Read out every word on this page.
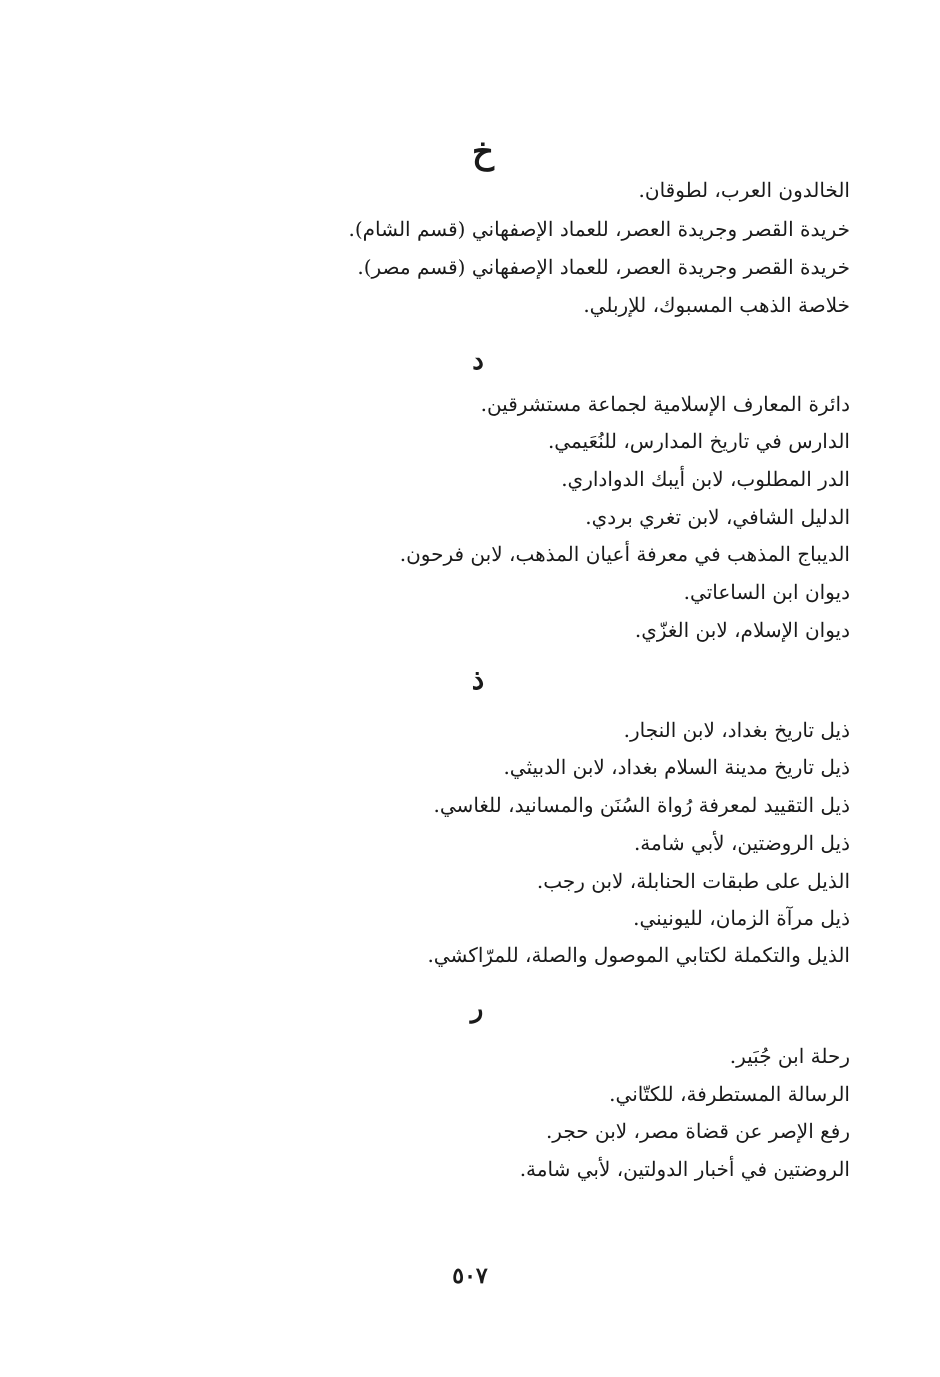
خ
الخالدون العرب، لطوقان.
خريدة القصر وجريدة العصر، للعماد الإصفهاني (قسم الشام).
خريدة القصر وجريدة العصر، للعماد الإصفهاني (قسم مصر).
خلاصة الذهب المسبوك، للإربلي.
د
دائرة المعارف الإسلامية لجماعة مستشرقين.
الدارس في تاريخ المدارس، للنُعَيمي.
الدر المطلوب، لابن أيبك الدواداري.
الدليل الشافي، لابن تغري بردي.
الديباج المذهب في معرفة أعيان المذهب، لابن فرحون.
ديوان ابن الساعاتي.
ديوان الإسلام، لابن الغزّي.
ذ
ذيل تاريخ بغداد، لابن النجار.
ذيل تاريخ مدينة السلام بغداد، لابن الدبيثي.
ذيل التقييد لمعرفة رُواة السُنَن والمسانيد، للغاسي.
ذيل الروضتين، لأبي شامة.
الذيل على طبقات الحنابلة، لابن رجب.
ذيل مرآة الزمان، لليونيني.
الذيل والتكملة لكتابي الموصول والصلة، للمرّاكشي.
ر
رحلة ابن جُبَير.
الرسالة المستطرفة، للكتّاني.
رفع الإصر عن قضاة مصر، لابن حجر.
الروضتين في أخبار الدولتين، لأبي شامة.
٥٠٧
